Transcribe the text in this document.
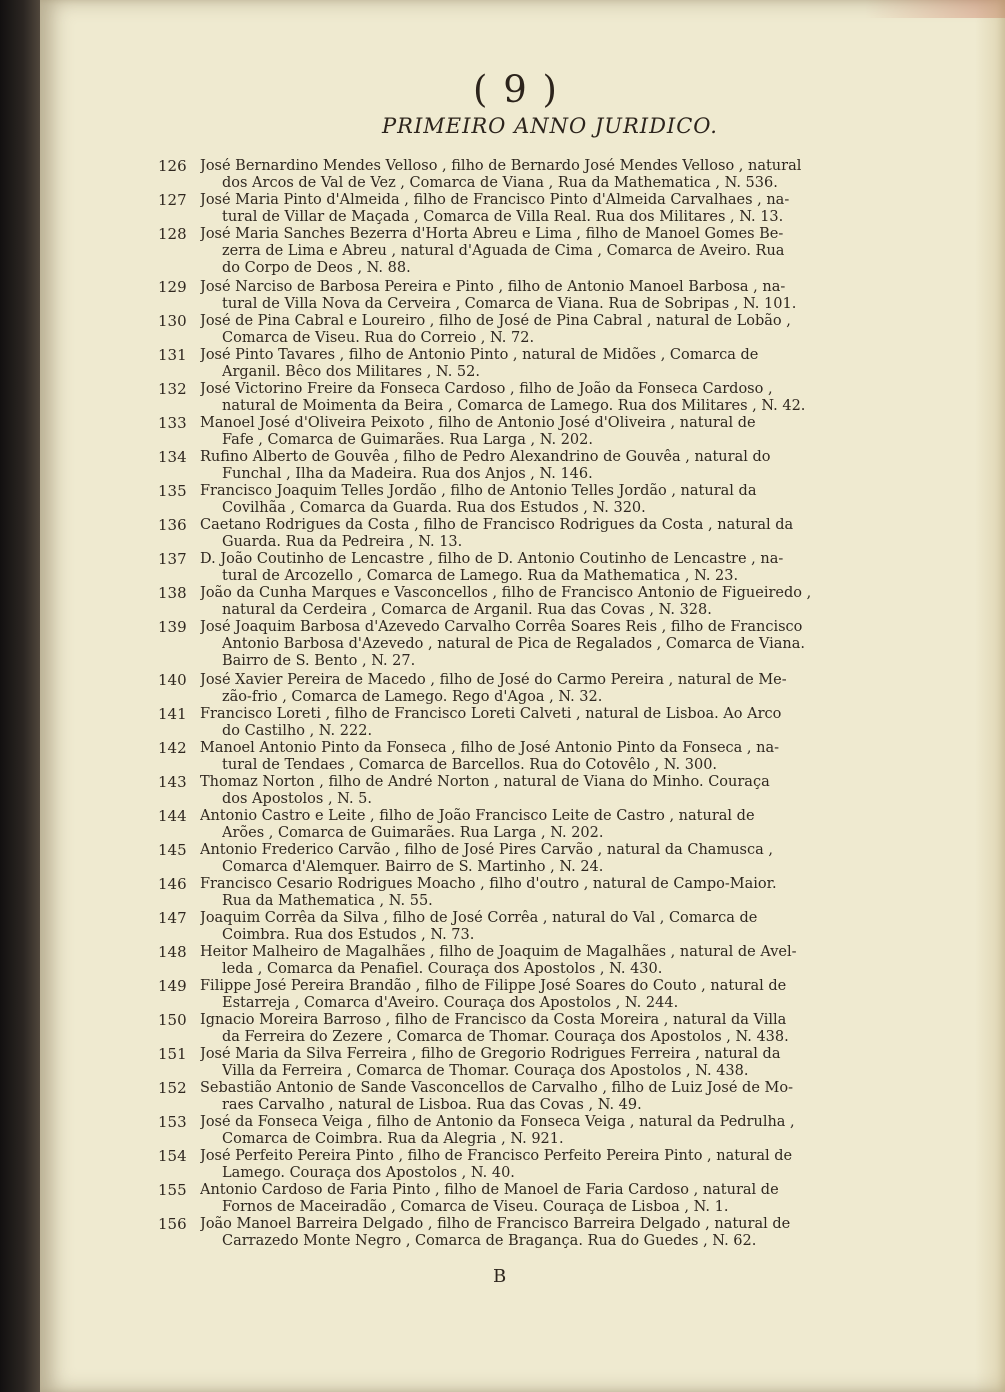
( 9 )
PRIMEIRO ANNO JURIDICO.
126 José Bernardino Mendes Velloso , filho de Bernardo José Mendes Velloso , natural
dos Arcos de Val de Vez , Comarca de Viana , Rua da Mathematica , N. 536.
127 José Maria Pinto d'Almeida , filho de Francisco Pinto d'Almeida Carvalhaes , na-
tural de Villar de Maçada , Comarca de Villa Real. Rua dos Militares , N. 13.
128 José Maria Sanches Bezerra d'Horta Abreu e Lima , filho de Manoel Gomes Be-
zerra de Lima e Abreu , natural d'Aguada de Cima , Comarca de Aveiro. Rua
do Corpo de Deos , N. 88.
129 José Narciso de Barbosa Pereira e Pinto , filho de Antonio Manoel Barbosa , na-
tural de Villa Nova da Cerveira , Comarca de Viana. Rua de Sobripas , N. 101.
130 José de Pina Cabral e Loureiro , filho de José de Pina Cabral , natural de Lobão ,
Comarca de Viseu. Rua do Correio , N. 72.
131 José Pinto Tavares , filho de Antonio Pinto , natural de Midões , Comarca de
Arganil. Bêco dos Militares , N. 52.
132 José Victorino Freire da Fonseca Cardoso , filho de João da Fonseca Cardoso ,
natural de Moimenta da Beira , Comarca de Lamego. Rua dos Militares , N. 42.
133 Manoel José d'Oliveira Peixoto , filho de Antonio José d'Oliveira , natural de
Fafe , Comarca de Guimarães. Rua Larga , N. 202.
134 Rufino Alberto de Gouvêa , filho de Pedro Alexandrino de Gouvêa , natural do
Funchal , Ilha da Madeira. Rua dos Anjos , N. 146.
135 Francisco Joaquim Telles Jordão , filho de Antonio Telles Jordão , natural da
Covilhãa , Comarca da Guarda. Rua dos Estudos , N. 320.
136 Caetano Rodrigues da Costa , filho de Francisco Rodrigues da Costa , natural da
Guarda. Rua da Pedreira , N. 13.
137 D. João Coutinho de Lencastre , filho de D. Antonio Coutinho de Lencastre , na-
tural de Arcozello , Comarca de Lamego. Rua da Mathematica , N. 23.
138 João da Cunha Marques e Vasconcellos , filho de Francisco Antonio de Figueiredo ,
natural da Cerdeira , Comarca de Arganil. Rua das Covas , N. 328.
139 José Joaquim Barbosa d'Azevedo Carvalho Corrêa Soares Reis , filho de Francisco
Antonio Barbosa d'Azevedo , natural de Pica de Regalados , Comarca de Viana.
Bairro de S. Bento , N. 27.
140 José Xavier Pereira de Macedo , filho de José do Carmo Pereira , natural de Me-
zão-frio , Comarca de Lamego. Rego d'Agoa , N. 32.
141 Francisco Loreti , filho de Francisco Loreti Calveti , natural de Lisboa. Ao Arco
do Castilho , N. 222.
142 Manoel Antonio Pinto da Fonseca , filho de José Antonio Pinto da Fonseca , na-
tural de Tendaes , Comarca de Barcellos. Rua do Cotovêlo , N. 300.
143 Thomaz Norton , filho de André Norton , natural de Viana do Minho. Couraça
dos Apostolos , N. 5.
144 Antonio Castro e Leite , filho de João Francisco Leite de Castro , natural de
Arões , Comarca de Guimarães. Rua Larga , N. 202.
145 Antonio Frederico Carvão , filho de José Pires Carvão , natural da Chamusca ,
Comarca d'Alemquer. Bairro de S. Martinho , N. 24.
146 Francisco Cesario Rodrigues Moacho , filho d'outro , natural de Campo-Maior.
Rua da Mathematica , N. 55.
147 Joaquim Corrêa da Silva , filho de José Corrêa , natural do Val , Comarca de
Coimbra. Rua dos Estudos , N. 73.
148 Heitor Malheiro de Magalhães , filho de Joaquim de Magalhães , natural de Avel-
leda , Comarca da Penafiel. Couraça dos Apostolos , N. 430.
149 Filippe José Pereira Brandão , filho de Filippe José Soares do Couto , natural de
Estarreja , Comarca d'Aveiro. Couraça dos Apostolos , N. 244.
150 Ignacio Moreira Barroso , filho de Francisco da Costa Moreira , natural da Villa
da Ferreira do Zezere , Comarca de Thomar. Couraça dos Apostolos , N. 438.
151 José Maria da Silva Ferreira , filho de Gregorio Rodrigues Ferreira , natural da
Villa da Ferreira , Comarca de Thomar. Couraça dos Apostolos , N. 438.
152 Sebastião Antonio de Sande Vasconcellos de Carvalho , filho de Luiz José de Mo-
raes Carvalho , natural de Lisboa. Rua das Covas , N. 49.
153 José da Fonseca Veiga , filho de Antonio da Fonseca Veiga , natural da Pedrulha ,
Comarca de Coimbra. Rua da Alegria , N. 921.
154 José Perfeito Pereira Pinto , filho de Francisco Perfeito Pereira Pinto , natural de
Lamego. Couraça dos Apostolos , N. 40.
155 Antonio Cardoso de Faria Pinto , filho de Manoel de Faria Cardoso , natural de
Fornos de Maceiradão , Comarca de Viseu. Couraça de Lisboa , N. 1.
156 João Manoel Barreira Delgado , filho de Francisco Barreira Delgado , natural de
Carrazedo Monte Negro , Comarca de Bragança. Rua do Guedes , N. 62.
B
